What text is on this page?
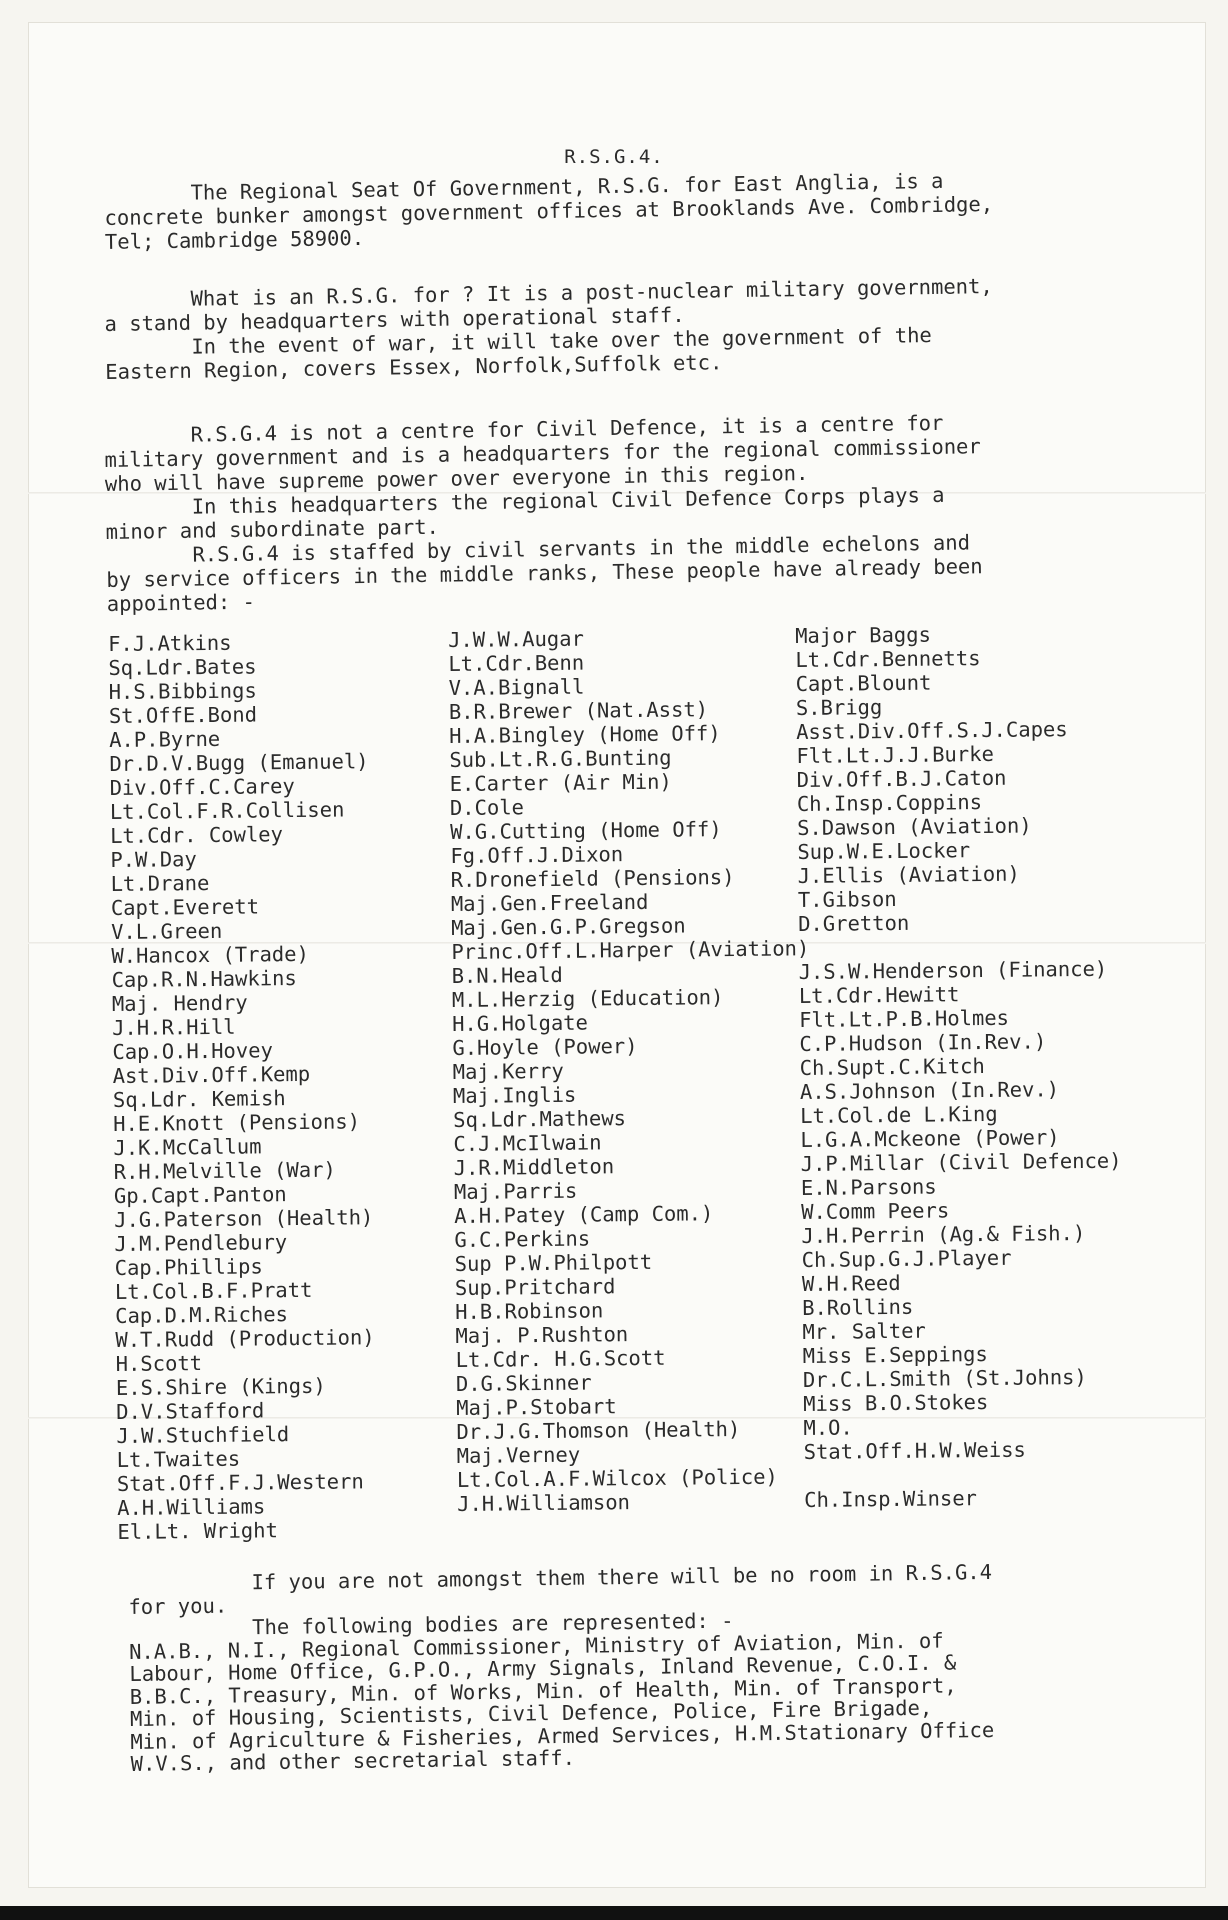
R.S.G.4.
The Regional Seat Of Government, R.S.G. for East Anglia, is a
concrete bunker amongst government offices at Brooklands Ave. Combridge,
Tel; Cambridge 58900.
What is an R.S.G. for ? It is a post-nuclear military government,
a stand by headquarters with operational staff.
In the event of war, it will take over the government of the
Eastern Region, covers Essex, Norfolk,Suffolk etc.
R.S.G.4 is not a centre for Civil Defence, it is a centre for
military government and is a headquarters for the regional commissioner
who will have supreme power over everyone in this region.
In this headquarters the regional Civil Defence Corps plays a
minor and subordinate part.
R.S.G.4 is staffed by civil servants in the middle echelons and
by service officers in the middle ranks, These people have already been
appointed: -
F.J.Atkins
Sq.Ldr.Bates
H.S.Bibbings
St.OffE.Bond
A.P.Byrne
Dr.D.V.Bugg (Emanuel)
Div.Off.C.Carey
Lt.Col.F.R.Collisen
Lt.Cdr. Cowley
P.W.Day
Lt.Drane
Capt.Everett
V.L.Green
W.Hancox (Trade)
Cap.R.N.Hawkins
Maj. Hendry
J.H.R.Hill
Cap.O.H.Hovey
Ast.Div.Off.Kemp
Sq.Ldr. Kemish
H.E.Knott (Pensions)
J.K.McCallum
R.H.Melville (War)
Gp.Capt.Panton
J.G.Paterson (Health)
J.M.Pendlebury
Cap.Phillips
Lt.Col.B.F.Pratt
Cap.D.M.Riches
W.T.Rudd (Production)
H.Scott
E.S.Shire (Kings)
D.V.Stafford
J.W.Stuchfield
Lt.Twaites
Stat.Off.F.J.Western
A.H.Williams
El.Lt. Wright
J.W.W.Augar
Lt.Cdr.Benn
V.A.Bignall
B.R.Brewer (Nat.Asst)
H.A.Bingley (Home Off)
Sub.Lt.R.G.Bunting
E.Carter (Air Min)
D.Cole
W.G.Cutting (Home Off)
Fg.Off.J.Dixon
R.Dronefield (Pensions)
Maj.Gen.Freeland
Maj.Gen.G.P.Gregson
Princ.Off.L.Harper (Aviation)
B.N.Heald
M.L.Herzig (Education)
H.G.Holgate
G.Hoyle (Power)
Maj.Kerry
Maj.Inglis
Sq.Ldr.Mathews
C.J.McIlwain
J.R.Middleton
Maj.Parris
A.H.Patey (Camp Com.)
G.C.Perkins
Sup P.W.Philpott
Sup.Pritchard
H.B.Robinson
Maj. P.Rushton
Lt.Cdr. H.G.Scott
D.G.Skinner
Maj.P.Stobart
Dr.J.G.Thomson (Health)
Maj.Verney
Lt.Col.A.F.Wilcox (Police)
J.H.Williamson
Major Baggs
Lt.Cdr.Bennetts
Capt.Blount
S.Brigg
Asst.Div.Off.S.J.Capes
Flt.Lt.J.J.Burke
Div.Off.B.J.Caton
Ch.Insp.Coppins
S.Dawson (Aviation)
Sup.W.E.Locker
J.Ellis (Aviation)
T.Gibson
D.Gretton
J.S.W.Henderson (Finance)
Lt.Cdr.Hewitt
Flt.Lt.P.B.Holmes
C.P.Hudson (In.Rev.)
Ch.Supt.C.Kitch
A.S.Johnson (In.Rev.)
Lt.Col.de L.King
L.G.A.Mckeone (Power)
J.P.Millar (Civil Defence)
E.N.Parsons
W.Comm Peers
J.H.Perrin (Ag.& Fish.)
Ch.Sup.G.J.Player
W.H.Reed
B.Rollins
Mr. Salter
Miss E.Seppings
Dr.C.L.Smith (St.Johns)
Miss B.O.Stokes
M.O.
Stat.Off.H.W.Weiss
Ch.Insp.Winser
If you are not amongst them there will be no room in R.S.G.4
for you.
The following bodies are represented: -
N.A.B., N.I., Regional Commissioner, Ministry of Aviation, Min. of
Labour, Home Office, G.P.O., Army Signals, Inland Revenue, C.O.I. &
B.B.C., Treasury, Min. of Works, Min. of Health, Min. of Transport,
Min. of Housing, Scientists, Civil Defence, Police, Fire Brigade,
Min. of Agriculture & Fisheries, Armed Services, H.M.Stationary Office
W.V.S., and other secretarial staff.
